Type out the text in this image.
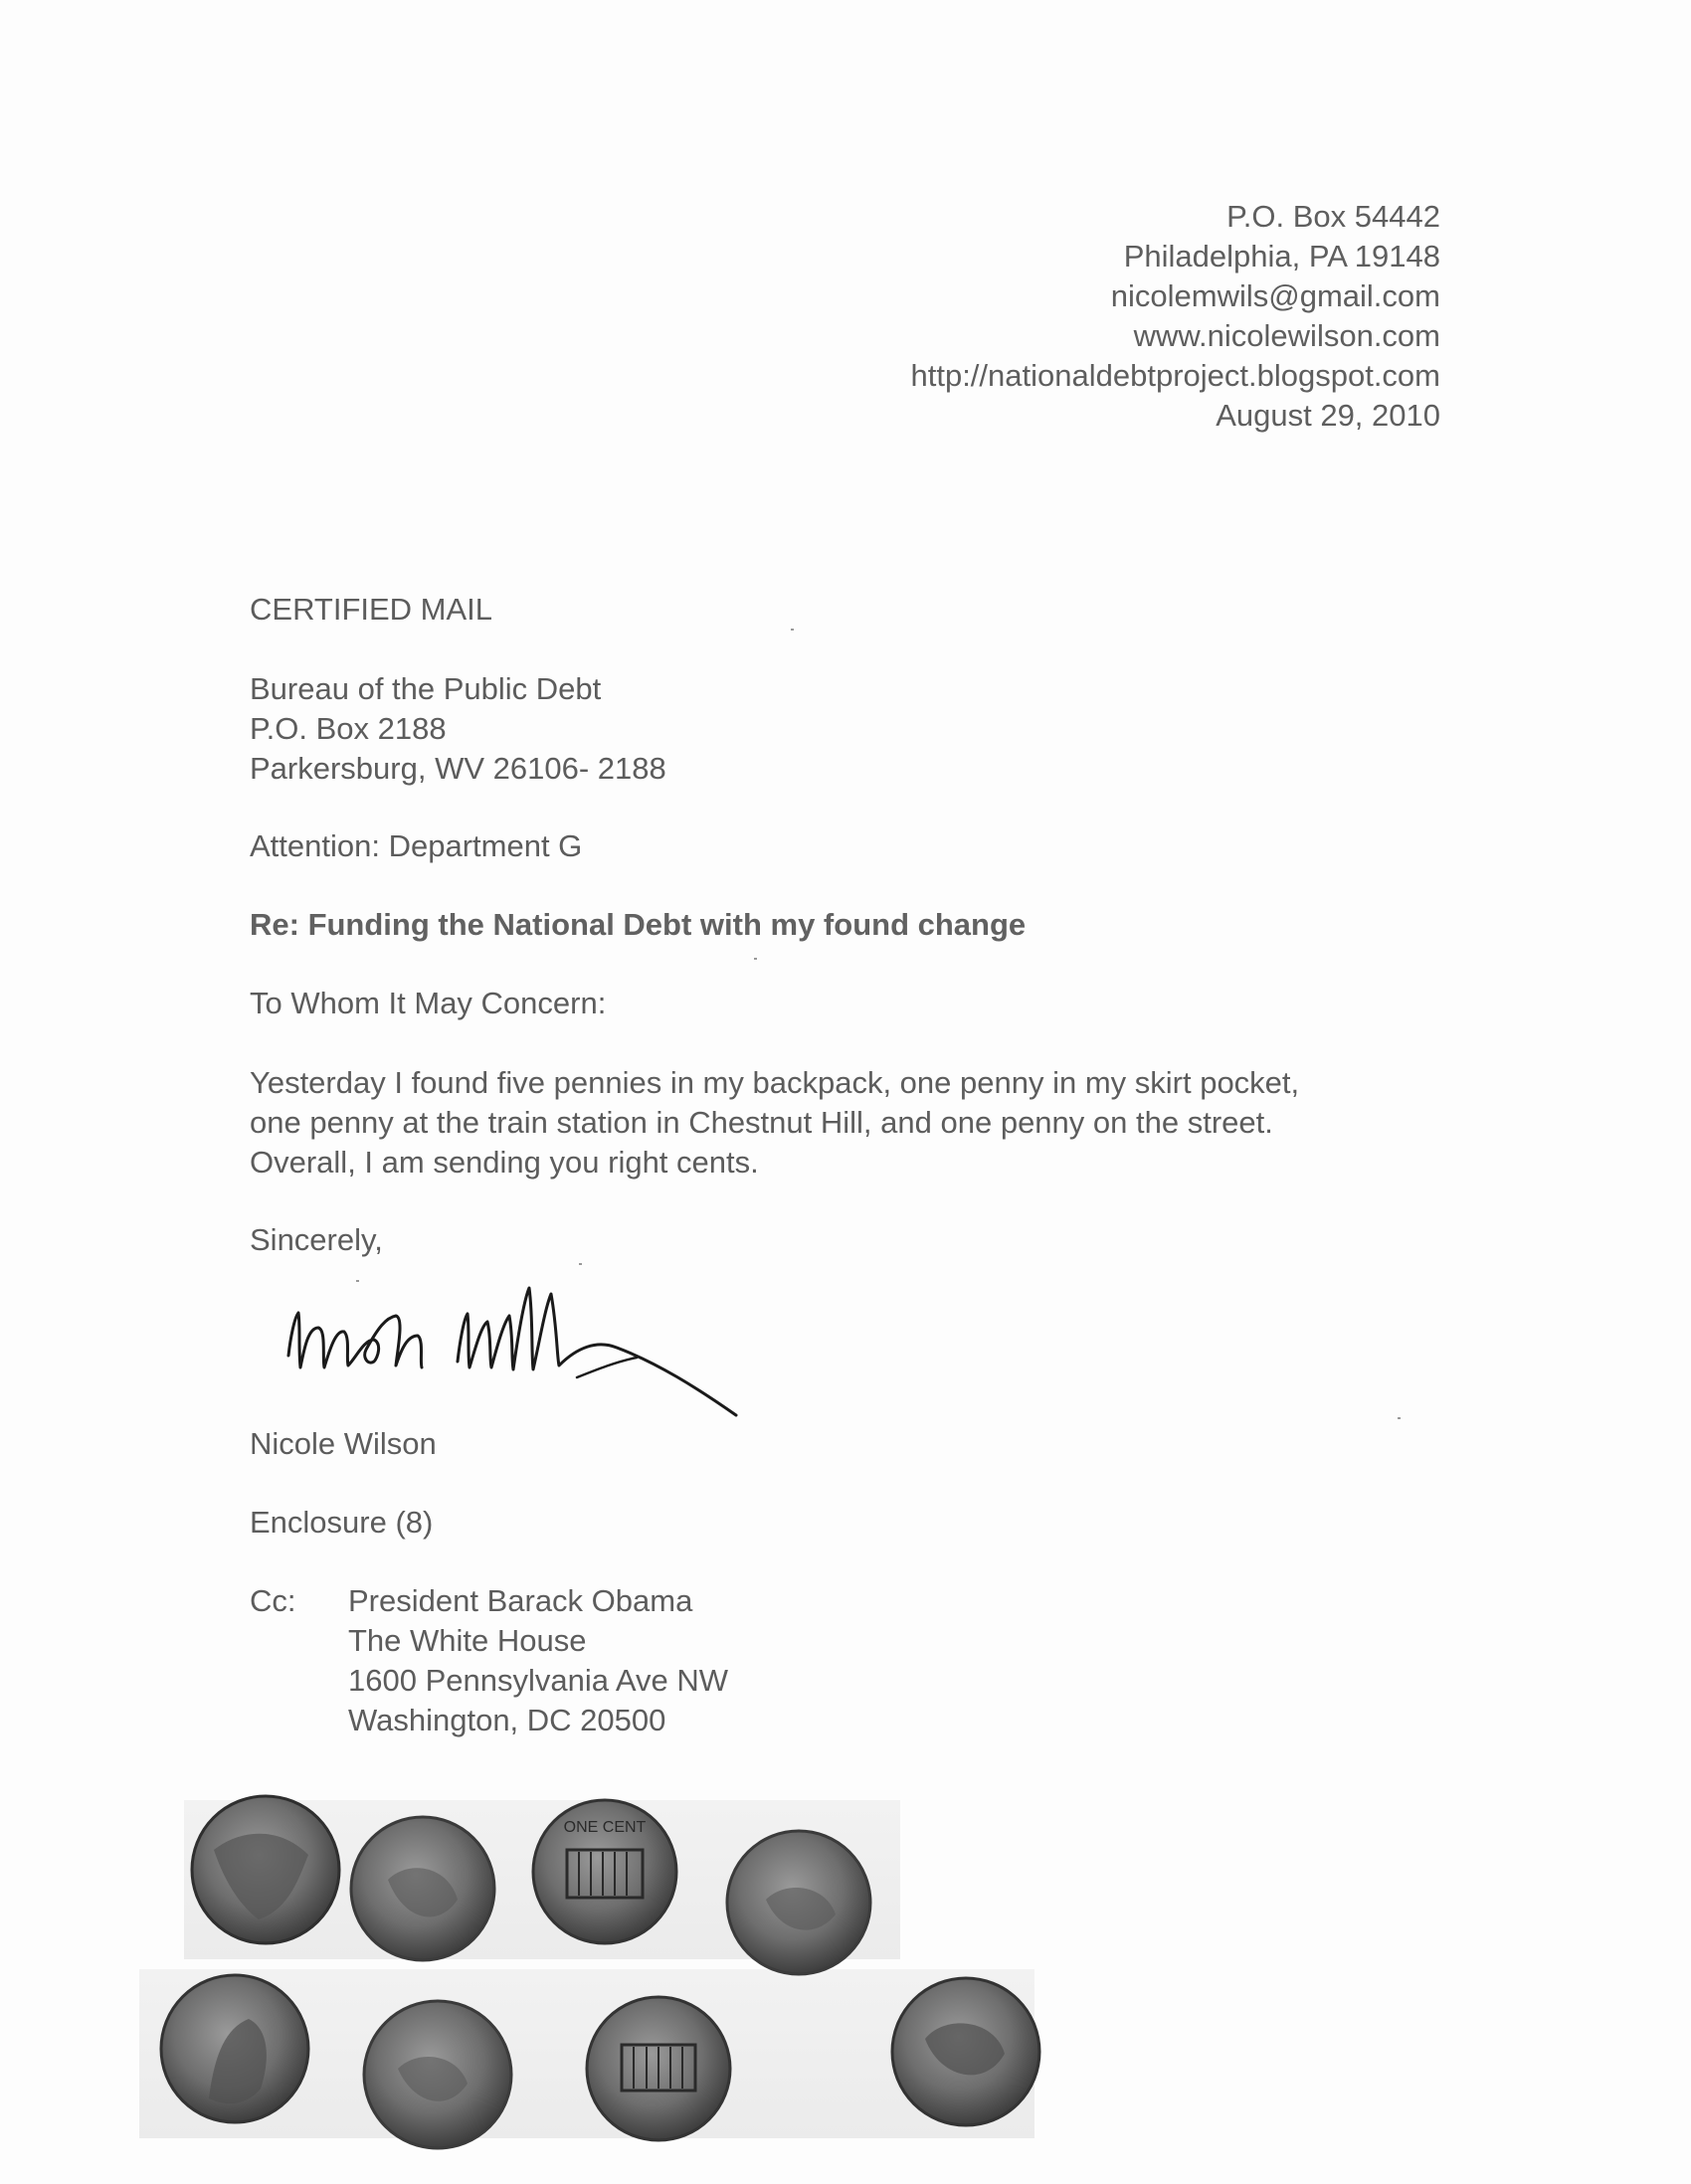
P.O. Box 54442
Philadelphia, PA 19148
nicolemwils@gmail.com
www.nicolewilson.com
http://nationaldebtproject.blogspot.com
August 29, 2010
CERTIFIED MAIL
Bureau of the Public Debt
P.O. Box 2188
Parkersburg, WV 26106- 2188
Attention: Department G
Re: Funding the National Debt with my found change
To Whom It May Concern:

Yesterday I found five pennies in my backpack, one penny in my skirt pocket,

one penny at the train station in Chestnut Hill, and one penny on the street.

Overall, I am sending you right cents.

Sincerely,
Nicole Wilson
Enclosure (8)
Cc:	President Barack Obama
The White House
1600 Pennsylvania Ave NW
Washington, DC 20500
ONE CENT
